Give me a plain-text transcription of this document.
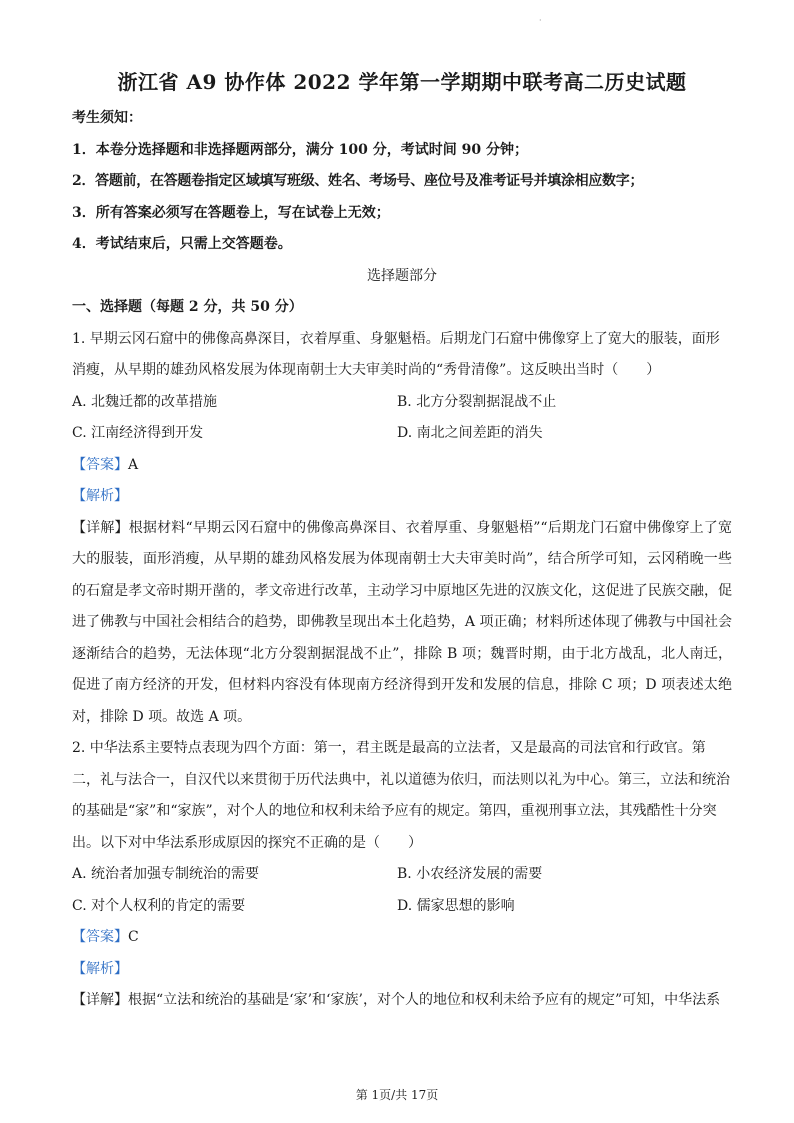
·
浙江省 A9 协作体 2022 学年第一学期期中联考高二历史试题
考生须知：
1．本卷分选择题和非选择题两部分，满分 100 分，考试时间 90 分钟；
2．答题前，在答题卷指定区域填写班级、姓名、考场号、座位号及准考证号并填涂相应数字；
3．所有答案必须写在答题卷上，写在试卷上无效；
4．考试结束后，只需上交答题卷。
选择题部分
一、选择题（每题 2 分，共 50 分）
1. 早期云冈石窟中的佛像高鼻深目，衣着厚重、身躯魁梧。后期龙门石窟中佛像穿上了宽大的服装，面形消瘦，从早期的雄劲风格发展为体现南朝士大夫审美时尚的“秀骨清像”。这反映出当时（　　）
A. 北魏迁都的改革措施	B. 北方分裂割据混战不止
C. 江南经济得到开发	D. 南北之间差距的消失
【答案】A
【解析】
【详解】根据材料“早期云冈石窟中的佛像高鼻深目、衣着厚重、身躯魁梧”“后期龙门石窟中佛像穿上了宽大的服装，面形消瘦，从早期的雄劲风格发展为体现南朝士大夫审美时尚”，结合所学可知，云冈稍晚一些的石窟是孝文帝时期开凿的，孝文帝进行改革，主动学习中原地区先进的汉族文化，这促进了民族交融，促进了佛教与中国社会相结合的趋势，即佛教呈现出本土化趋势，A 项正确；材料所述体现了佛教与中国社会逐渐结合的趋势，无法体现“北方分裂割据混战不止”，排除 B 项；魏晋时期，由于北方战乱，北人南迁，促进了南方经济的开发，但材料内容没有体现南方经济得到开发和发展的信息，排除 C 项；D 项表述太绝对，排除 D 项。故选 A 项。
2. 中华法系主要特点表现为四个方面：第一，君主既是最高的立法者，又是最高的司法官和行政官。第二，礼与法合一，自汉代以来贯彻于历代法典中，礼以道德为依归，而法则以礼为中心。第三，立法和统治的基础是“家”和“家族”，对个人的地位和权利未给予应有的规定。第四，重视刑事立法，其残酷性十分突出。以下对中华法系形成原因的探究不正确的是（　　）
A. 统治者加强专制统治的需要	B. 小农经济发展的需要
C. 对个人权利的肯定的需要	D. 儒家思想的影响
【答案】C
【解析】
【详解】根据“立法和统治的基础是‘家’和‘家族’，对个人的地位和权利未给予应有的规定”可知，中华法系
第 1页/共 17页
